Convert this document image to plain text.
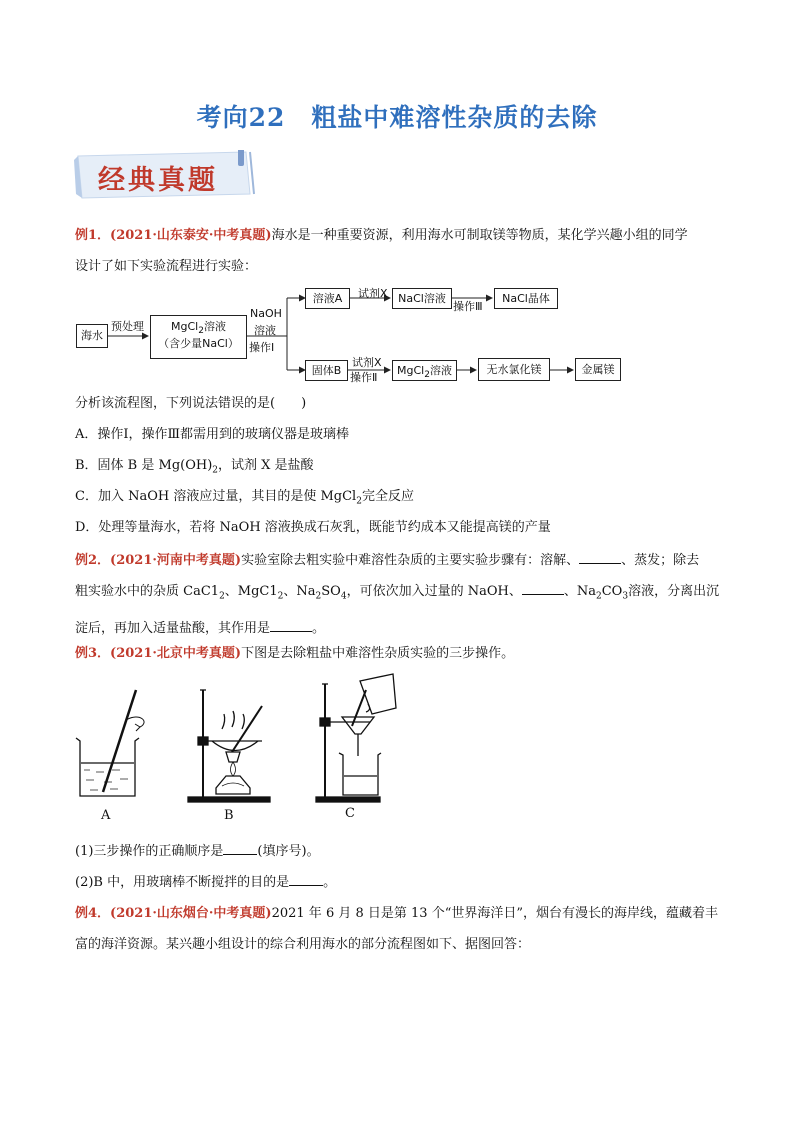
考向22 粗盐中难溶性杂质的去除
经典真题
例1．(2021·山东泰安·中考真题)海水是一种重要资源，利用海水可制取镁等物质，某化学兴趣小组的同学
设计了如下实验流程进行实验：
海水
预处理	MgCl$_2$溶液
（含少量NaCl）
NaOH
溶液
操作Ⅰ
溶液A	试剂X NaCl溶液
操作Ⅲ
NaCl晶体
固体B
试剂X
操作Ⅱ
MgCl$_2$溶液	无水氯化镁	金属镁
分析该流程图，下列说法错误的是(　　)
A．操作Ⅰ，操作Ⅲ都需用到的玻璃仪器是玻璃棒
B．固体 B 是 $Mg(OH)_2$，试剂 X 是盐酸
C．加入 NaOH 溶液应过量，其目的是使 MgCl$_2$完全反应
D．处理等量海水，若将 NaOH 溶液换成石灰乳，既能节约成本又能提高镁的产量
例2．(2021·河南中考真题)实验室除去粗实验中难溶性杂质的主要实验步骤有：溶解、	、蒸发；除去
粗实验水中的杂质 $CaC1_2$、$MgC1_2$、$Na_2SO_4$，可依次加入过量的 NaOH、	、$Na_2CO_3$溶液，分离出沉
淀后，再加入适量盐酸，其作用是	。
例3．(2021·北京中考真题)下图是去除粗盐中难溶性杂质实验的三步操作。
A	B	C
(1)三步操作的正确顺序是	(填序号)。
(2)B 中，用玻璃棒不断搅拌的目的是	。
例4．(2021·山东烟台·中考真题)2021 年 6 月 8 日是第 13 个“世界海洋日”，烟台有漫长的海岸线，蕴藏着丰
富的海洋资源。某兴趣小组设计的综合利用海水的部分流程图如下、据图回答：
